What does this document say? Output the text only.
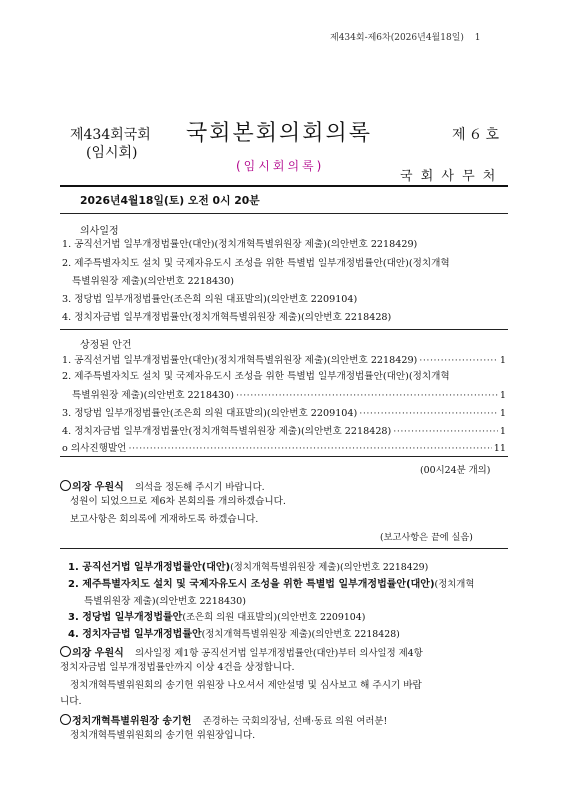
제434회-제6차(2026년4월18일) 1
제434회국회
(임시회)
국회본회의회의록	제６호
(임시회의록)
국 회 사 무 처
2026년4월18일(토) 오전 0시 20분
의사일정
1. 공직선거법 일부개정법률안(대안)(정치개혁특별위원장 제출)(의안번호 2218429)
2. 제주특별자치도 설치 및 국제자유도시 조성을 위한 특별법 일부개정법률안(대안)(정치개혁
특별위원장 제출)(의안번호 2218430)
3. 정당법 일부개정법률안(조은희 의원 대표발의)(의안번호 2209104)
4. 정치자금법 일부개정법률안(정치개혁특별위원장 제출)(의안번호 2218428)
상정된 안건
1. 공직선거법 일부개정법률안(대안)(정치개혁특별위원장 제출)(의안번호 2218429) ·····	1
2. 제주특별자치도 설치 및 국제자유도시 조성을 위한 특별법 일부개정법률안(대안)(정치개혁
특별위원장 제출)(의안번호 2218430) ·····	1
3. 정당법 일부개정법률안(조은희 의원 대표발의)(의안번호 2209104) ·····	1
4. 정치자금법 일부개정법률안(정치개혁특별위원장 제출)(의안번호 2218428) ·····	1
o 의사진행발언 ·····	11
(00시24분 개의)
의장 우원식 의석을 정돈해 주시기 바랍니다.
성원이 되었으므로 제6차 본회의를 개의하겠습니다.
보고사항은 회의록에 게재하도록 하겠습니다.
(보고사항은 끝에 실음)
1. 공직선거법 일부개정법률안(대안)(정치개혁특별위원장 제출)(의안번호 2218429)
2. 제주특별자치도 설치 및 국제자유도시 조성을 위한 특별법 일부개정법률안(대안)(정치개혁
특별위원장 제출)(의안번호 2218430)
3. 정당법 일부개정법률안(조은희 의원 대표발의)(의안번호 2209104)
4. 정치자금법 일부개정법률안(정치개혁특별위원장 제출)(의안번호 2218428)
의장 우원식 의사일정 제1항 공직선거법 일부개정법률안(대안)부터 의사일정 제4항
정치자금법 일부개정법률안까지 이상 4건을 상정합니다.
정치개혁특별위원회의 송기헌 위원장 나오셔서 제안설명 및 심사보고 해 주시기 바랍
니다.
정치개혁특별위원장 송기헌 존경하는 국회의장님, 선배·동료 의원 여러분!
정치개혁특별위원회의 송기헌 위원장입니다.
